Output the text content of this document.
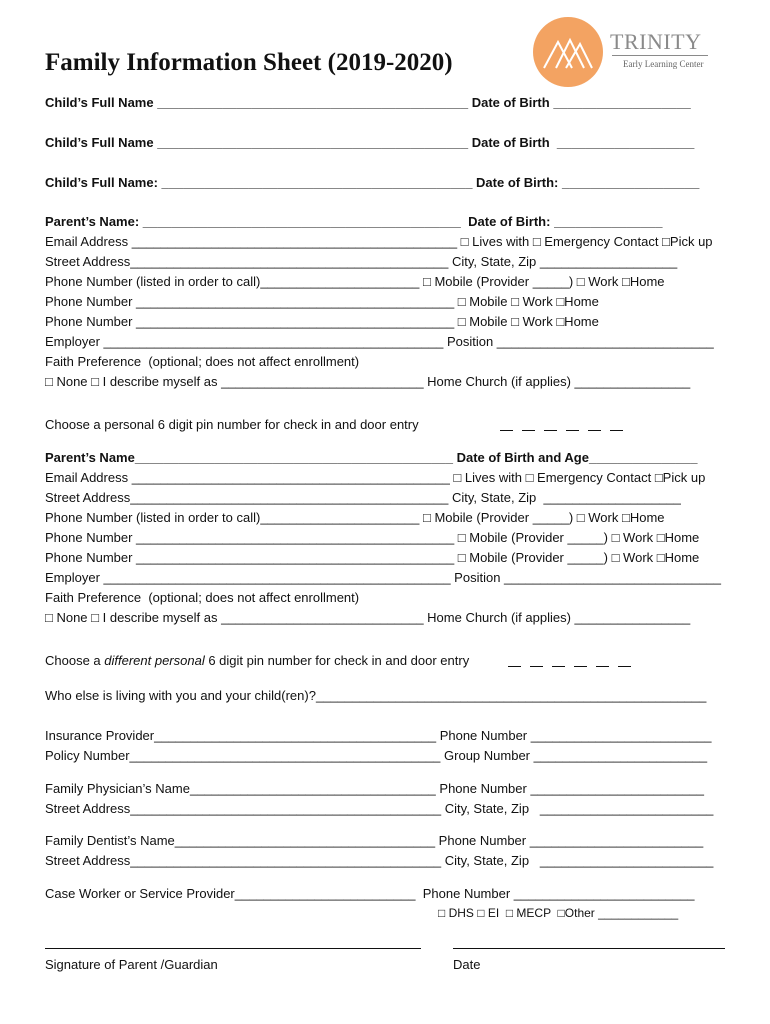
TRINITY
Early Learning Center
Family Information Sheet (2019-2020)
Child’s Full Name ___________________________________________ Date of Birth ___________________
Child’s Full Name ___________________________________________ Date of Birth  ___________________
Child’s Full Name: ___________________________________________ Date of Birth: ___________________
Parent’s Name: ____________________________________________  Date of Birth: _______________
Email Address _____________________________________________ □ Lives with □ Emergency Contact □Pick up
Street Address____________________________________________ City, State, Zip ___________________
Phone Number (listed in order to call)______________________ □ Mobile (Provider _____) □ Work □Home
Phone Number ____________________________________________ □ Mobile □ Work □Home
Phone Number ____________________________________________ □ Mobile □ Work □Home
Employer _______________________________________________ Position ______________________________
Faith Preference  (optional; does not affect enrollment)
□ None □ I describe myself as ____________________________ Home Church (if applies) ________________
Choose a personal 6 digit pin number for check in and door entry
Parent’s Name____________________________________________ Date of Birth and Age_______________
Email Address ____________________________________________ □ Lives with □ Emergency Contact □Pick up
Street Address____________________________________________ City, State, Zip  ___________________
Phone Number (listed in order to call)______________________ □ Mobile (Provider _____) □ Work □Home
Phone Number ____________________________________________ □ Mobile (Provider _____) □ Work □Home
Phone Number ____________________________________________ □ Mobile (Provider _____) □ Work □Home
Employer ________________________________________________ Position ______________________________
Faith Preference  (optional; does not affect enrollment)
□ None □ I describe myself as ____________________________ Home Church (if applies) ________________
Choose a different personal 6 digit pin number for check in and door entry
Who else is living with you and your child(ren)?______________________________________________________
Insurance Provider_______________________________________ Phone Number _________________________
Policy Number___________________________________________ Group Number ________________________
Family Physician’s Name__________________________________ Phone Number ________________________
Street Address___________________________________________ City, State, Zip   ________________________
Family Dentist’s Name____________________________________ Phone Number ________________________
Street Address___________________________________________ City, State, Zip   ________________________
Case Worker or Service Provider_________________________  Phone Number _________________________
□ DHS □ EI  □ MECP  □Other ____________
Signature of Parent /Guardian	Date
